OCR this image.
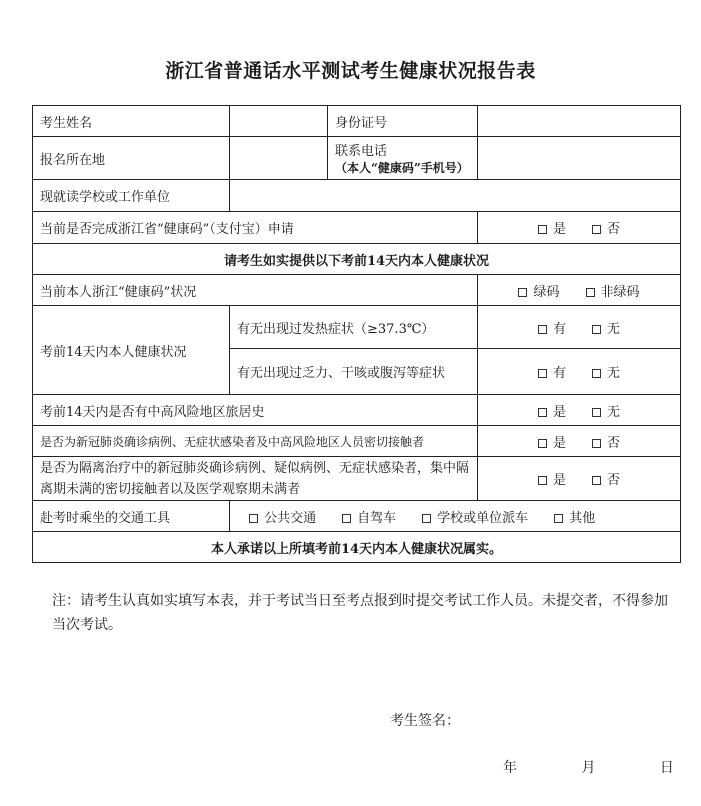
浙江省普通话水平测试考生健康状况报告表
考生姓名		身份证号	
报名所在地		联系电话
（本人“健康码”手机号）	

现就读学校或工作单位			
当前是否完成浙江省“健康码”（支付宝）申请			是 否
请考生如实提供以下考前14天内本人健康状况			
当前本人浙江“健康码”状况			绿码 非绿码
考前14天内本人健康状况	有无出现过发热症状（≥37.3℃）		有 无
	有无出现过乏力、干咳或腹泻等症状		有 无
考前14天内是否有中高风险地区旅居史			是 无
是否为新冠肺炎确诊病例、无症状感染者及中高风险地区人员密切接触者			是 否
是否为隔离治疗中的新冠肺炎确诊病例、疑似病例、无症状感染者，集中隔离期未满的密切接触者以及医学观察期未满者			是 否
赴考时乘坐的交通工具	公共交通 自驾车 学校或单位派车 其他		
本人承诺以上所填考前14天内本人健康状况属实。			
注：请考生认真如实填写本表，并于考试当日至考点报到时提交考试工作人员。未提交者，不得参加当次考试。
考生签名：
年	月	日
